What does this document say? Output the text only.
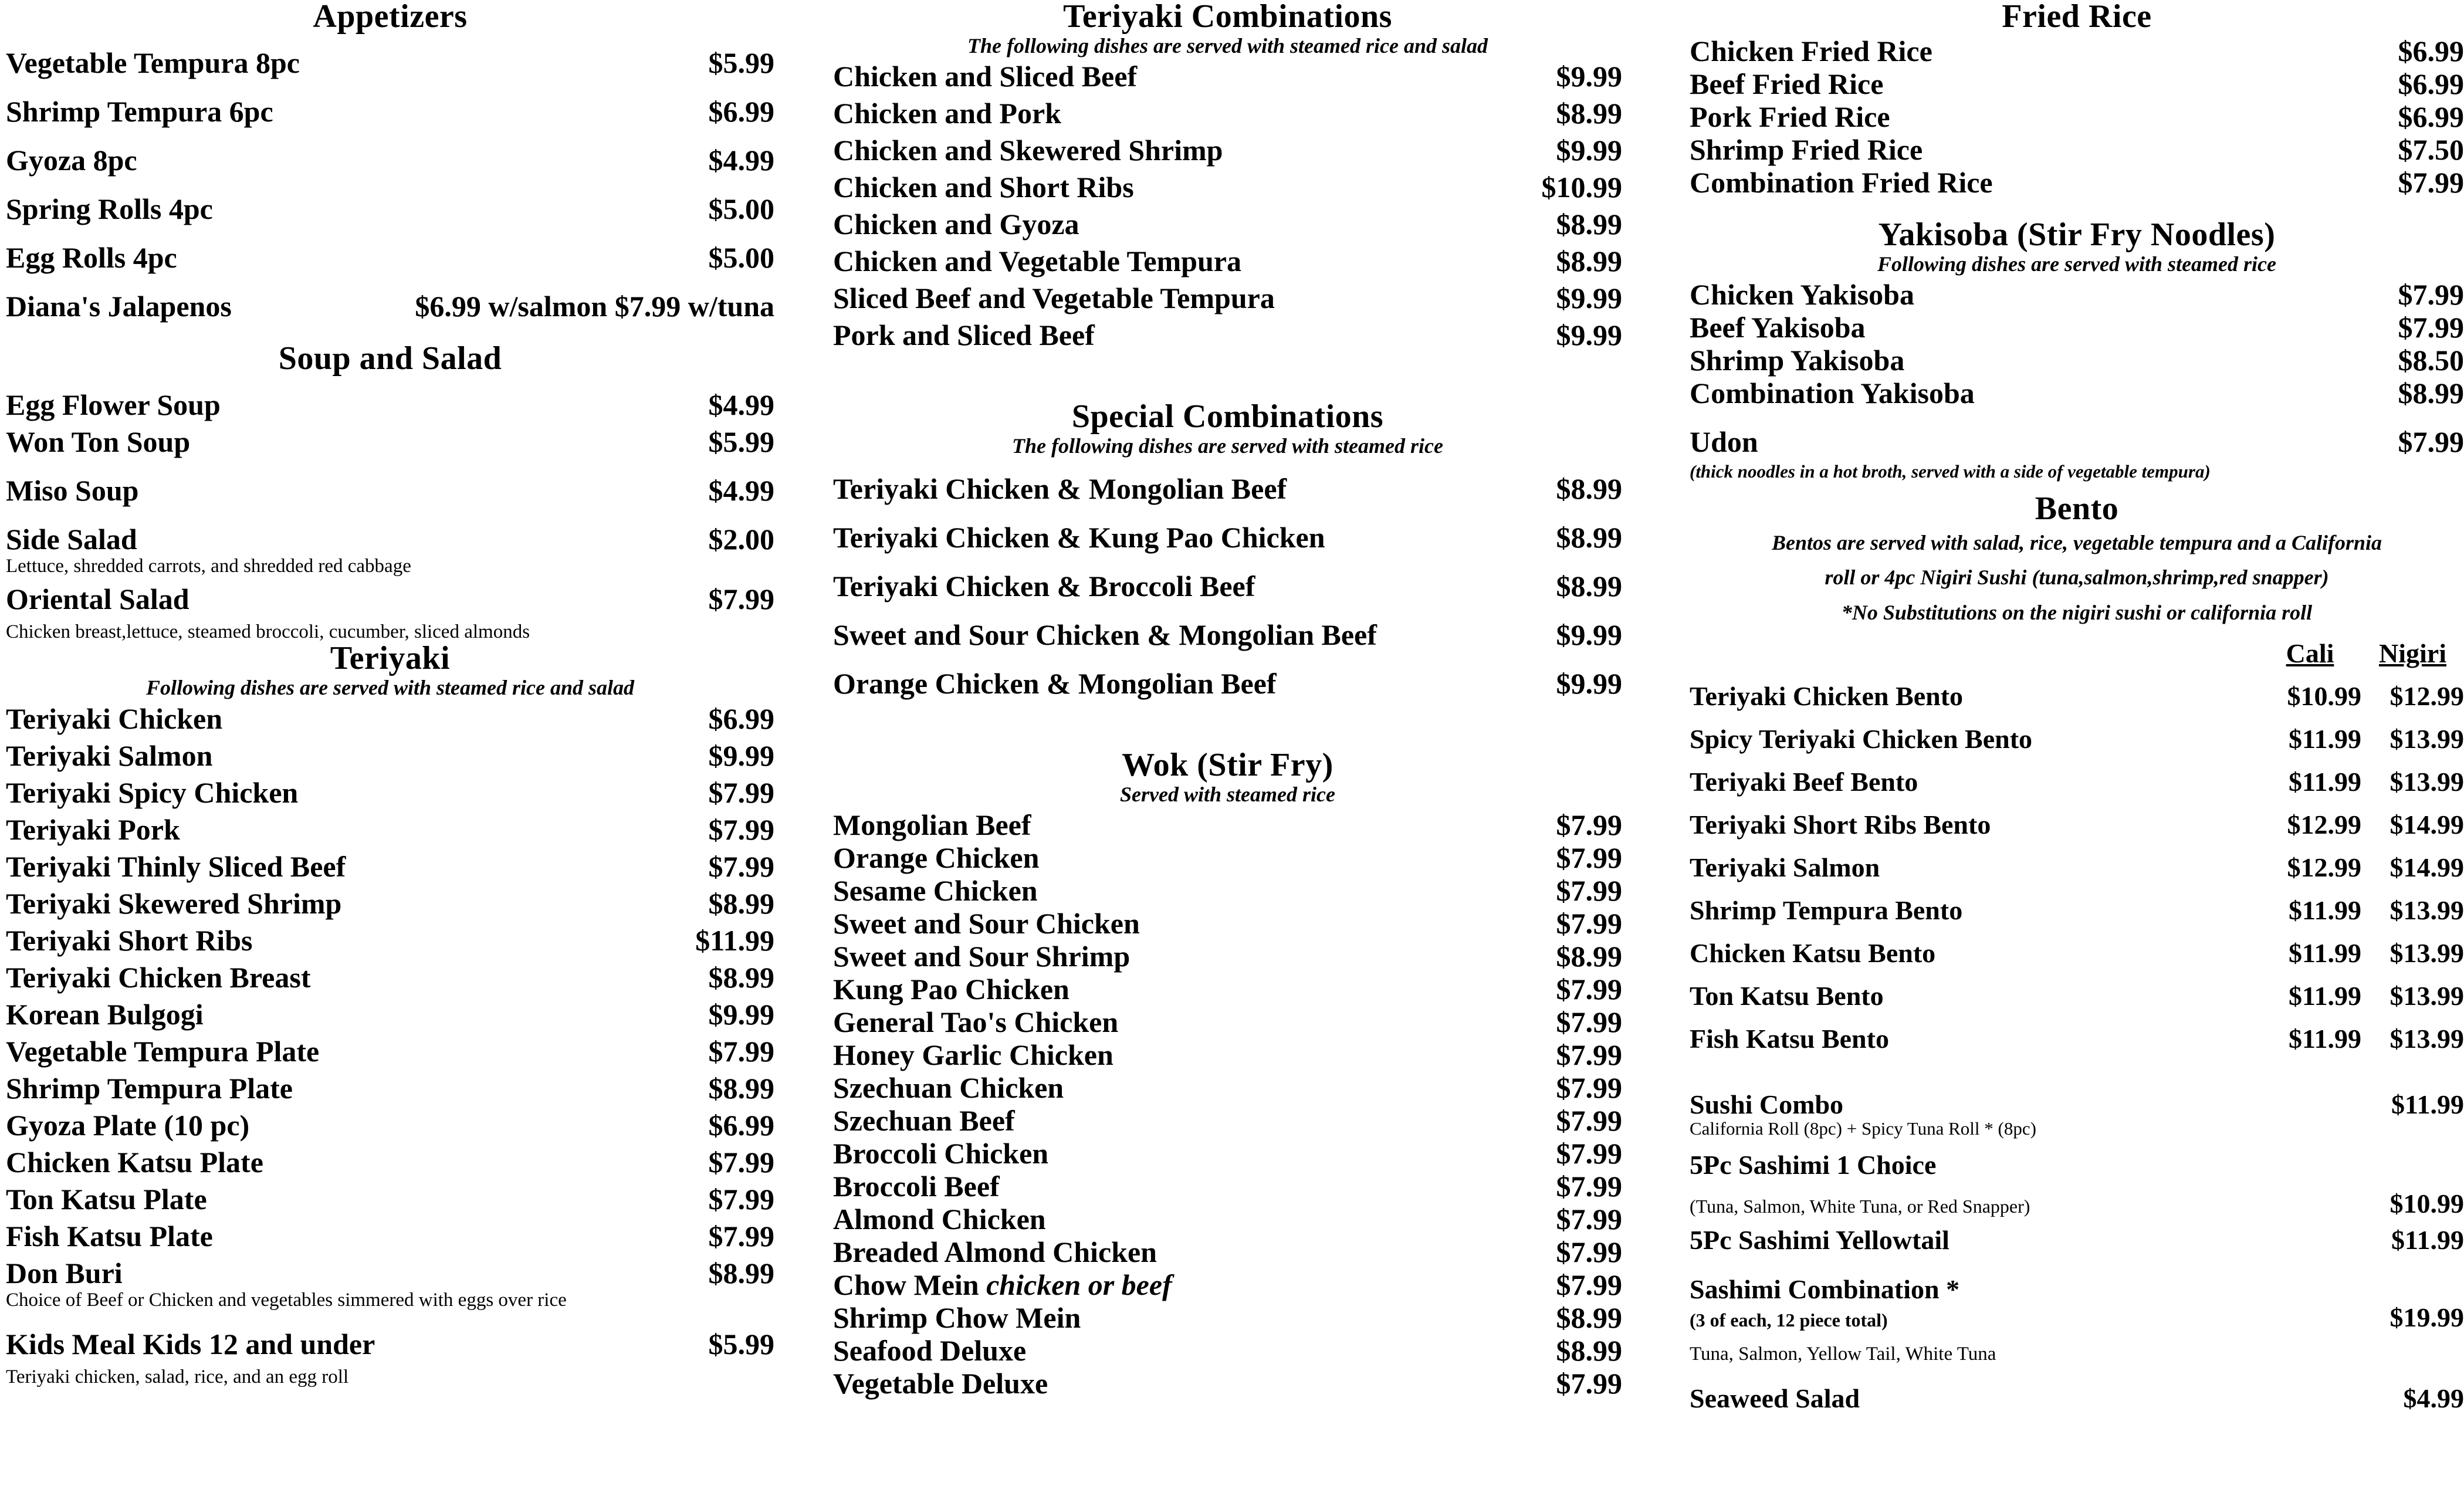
Appetizers
Vegetable Tempura 8pc	$5.99
Shrimp Tempura 6pc	$6.99
Gyoza 8pc	$4.99
Spring Rolls 4pc	$5.00
Egg Rolls 4pc	$5.00
Diana's Jalapenos	$6.99 w/salmon $7.99 w/tuna
Soup and Salad
Egg Flower Soup	$4.99
Won Ton Soup	$5.99
Miso Soup	$4.99
Side Salad	$2.00
Lettuce, shredded carrots, and shredded red cabbage
Oriental Salad	$7.99
Chicken breast,lettuce, steamed broccoli, cucumber, sliced almonds
Teriyaki
Following dishes are served with steamed rice and salad
Teriyaki Chicken	$6.99
Teriyaki Salmon	$9.99
Teriyaki Spicy Chicken	$7.99
Teriyaki Pork	$7.99
Teriyaki Thinly Sliced Beef	$7.99
Teriyaki Skewered Shrimp	$8.99
Teriyaki Short Ribs	$11.99
Teriyaki Chicken Breast	$8.99
Korean Bulgogi	$9.99
Vegetable Tempura Plate	$7.99
Shrimp Tempura Plate	$8.99
Gyoza Plate (10 pc)	$6.99
Chicken Katsu Plate	$7.99
Ton Katsu Plate	$7.99
Fish Katsu Plate	$7.99
Don Buri	$8.99
Choice of Beef or Chicken and vegetables simmered with eggs over rice
Kids Meal Kids 12 and under	$5.99
Teriyaki chicken, salad, rice, and an egg roll
Teriyaki Combinations
The following dishes are served with steamed rice and salad
Chicken and Sliced Beef	$9.99
Chicken and Pork	$8.99
Chicken and Skewered Shrimp	$9.99
Chicken and Short Ribs	$10.99
Chicken and Gyoza	$8.99
Chicken and Vegetable Tempura	$8.99
Sliced Beef and Vegetable Tempura	$9.99
Pork and Sliced Beef	$9.99
Special Combinations
The following dishes are served with steamed rice
Teriyaki Chicken & Mongolian Beef	$8.99
Teriyaki Chicken & Kung Pao Chicken	$8.99
Teriyaki Chicken & Broccoli Beef	$8.99
Sweet and Sour Chicken & Mongolian Beef	$9.99
Orange Chicken & Mongolian Beef	$9.99
Wok (Stir Fry)
Served with steamed rice
Mongolian Beef	$7.99
Orange Chicken	$7.99
Sesame Chicken	$7.99
Sweet and Sour Chicken	$7.99
Sweet and Sour Shrimp	$8.99
Kung Pao Chicken	$7.99
General Tao's Chicken	$7.99
Honey Garlic Chicken	$7.99
Szechuan Chicken	$7.99
Szechuan Beef	$7.99
Broccoli Chicken	$7.99
Broccoli Beef	$7.99
Almond Chicken	$7.99
Breaded Almond Chicken	$7.99
Chow Mein chicken or beef	$7.99
Shrimp Chow Mein	$8.99
Seafood Deluxe	$8.99
Vegetable Deluxe	$7.99
Fried Rice
Chicken Fried Rice	$6.99
Beef Fried Rice	$6.99
Pork Fried Rice	$6.99
Shrimp Fried Rice	$7.50
Combination Fried Rice	$7.99
Yakisoba (Stir Fry Noodles)
Following dishes are served with steamed rice
Chicken Yakisoba	$7.99
Beef Yakisoba	$7.99
Shrimp Yakisoba	$8.50
Combination Yakisoba	$8.99
Udon	$7.99
(thick noodles in a hot broth, served with a side of vegetable tempura)
Bento
Bentos are served with salad, rice, vegetable tempura and a California
roll or 4pc Nigiri Sushi (tuna,salmon,shrimp,red snapper)
*No Substitutions on the nigiri sushi or california roll
Cali	Nigiri
Teriyaki Chicken Bento	$10.99	$12.99
Spicy Teriyaki Chicken Bento	$11.99	$13.99
Teriyaki Beef Bento	$11.99	$13.99
Teriyaki Short Ribs Bento	$12.99	$14.99
Teriyaki Salmon	$12.99	$14.99
Shrimp Tempura Bento	$11.99	$13.99
Chicken Katsu Bento	$11.99	$13.99
Ton Katsu Bento	$11.99	$13.99
Fish Katsu Bento	$11.99	$13.99
Sushi Combo	$11.99
California Roll (8pc) + Spicy Tuna Roll * (8pc)
5Pc Sashimi 1 Choice
(Tuna, Salmon, White Tuna, or Red Snapper)	$10.99
5Pc Sashimi Yellowtail	$11.99
Sashimi Combination *
(3 of each, 12 piece total)	$19.99
Tuna, Salmon, Yellow Tail, White Tuna
Seaweed Salad	$4.99
